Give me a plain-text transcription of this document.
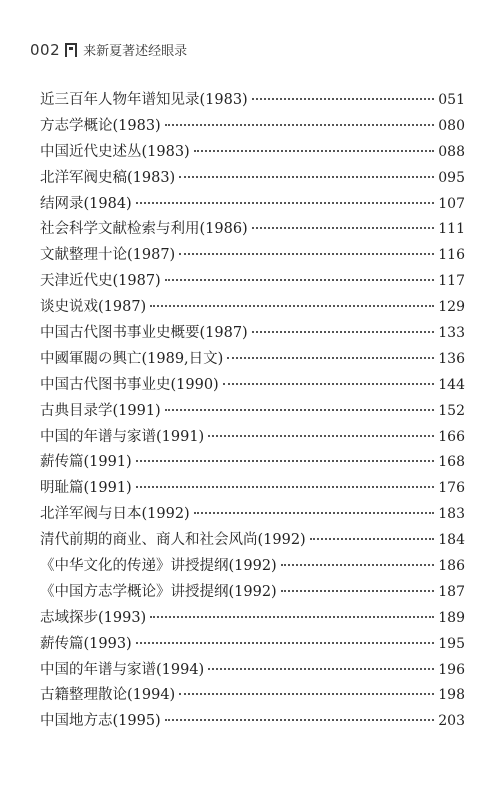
002 来新夏著述经眼录
近三百年人物年谱知见录(1983)	051
方志学概论(1983)	080
中国近代史述丛(1983)	088
北洋军阀史稿(1983)	095
结网录(1984)	107
社会科学文献检索与利用(1986)	111
文献整理十论(1987)	116
天津近代史(1987)	117
谈史说戏(1987)	129
中国古代图书事业史概要(1987)	133
中國軍閥の興亡(1989,日文)	136
中国古代图书事业史(1990)	144
古典目录学(1991)	152
中国的年谱与家谱(1991)	166
薪传篇(1991)	168
明耻篇(1991)	176
北洋军阀与日本(1992)	183
清代前期的商业、商人和社会风尚(1992)	184
《中华文化的传递》讲授提纲(1992)	186
《中国方志学概论》讲授提纲(1992)	187
志域探步(1993)	189
薪传篇(1993)	195
中国的年谱与家谱(1994)	196
古籍整理散论(1994)	198
中国地方志(1995)	203
